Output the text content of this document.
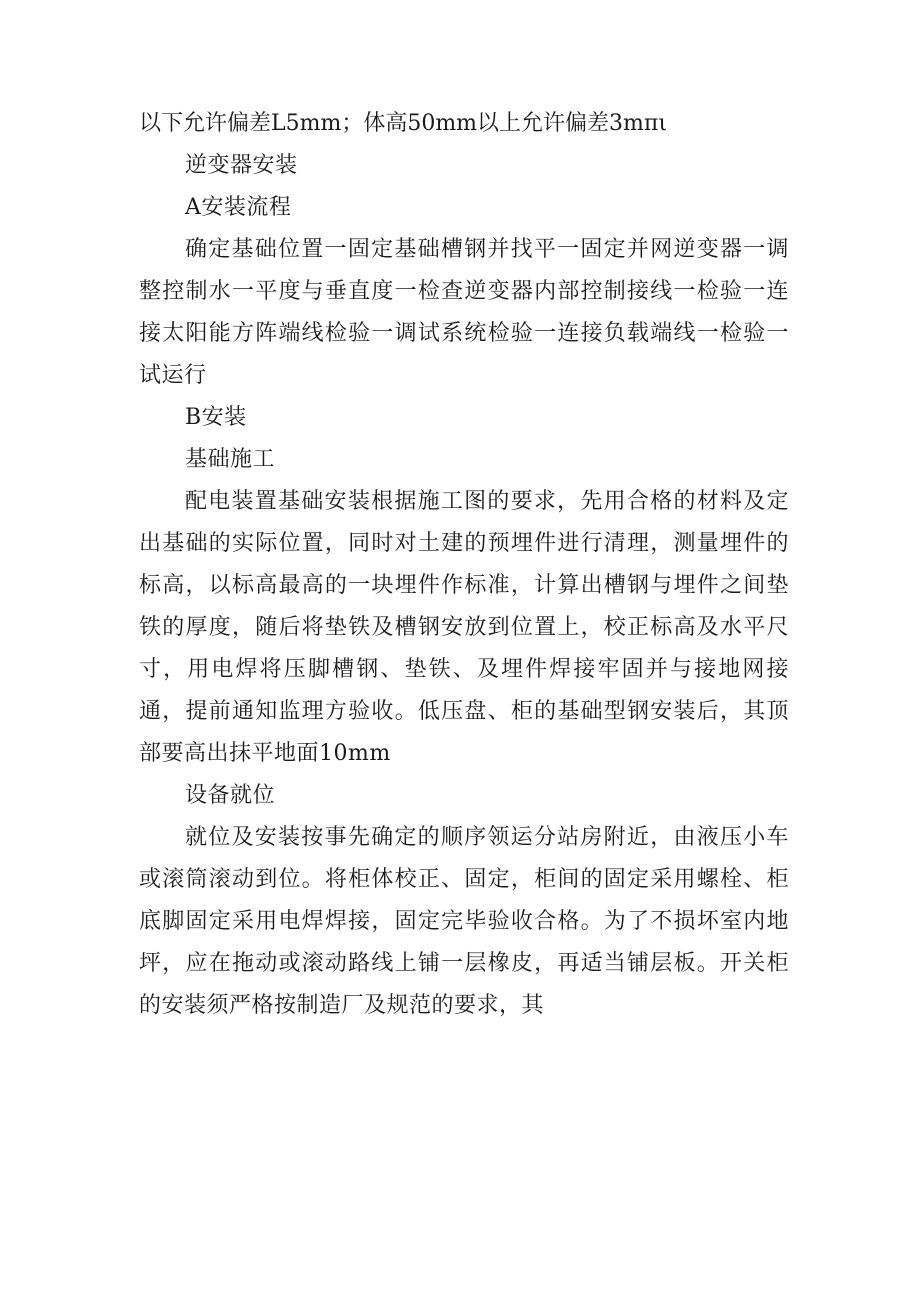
以下允许偏差L5mm；体高50mm以上允许偏差3mπι

逆变器安装

A安装流程

确定基础位置一固定基础槽钢并找平一固定并网逆变器一调整控制水一平度与垂直度一检查逆变器内部控制接线一检验一连接太阳能方阵端线检验一调试系统检验一连接负载端线一检验一试运行

B安装

基础施工

配电装置基础安装根据施工图的要求，先用合格的材料及定出基础的实际位置，同时对土建的预埋件进行清理，测量埋件的标高，以标高最高的一块埋件作标准，计算出槽钢与埋件之间垫铁的厚度，随后将垫铁及槽钢安放到位置上，校正标高及水平尺寸，用电焊将压脚槽钢、垫铁、及埋件焊接牢固并与接地网接通，提前通知监理方验收。低压盘、柜的基础型钢安装后，其顶部要高出抹平地面10mm

设备就位

就位及安装按事先确定的顺序领运分站房附近，由液压小车或滚筒滚动到位。将柜体校正、固定，柜间的固定采用螺栓、柜底脚固定采用电焊焊接，固定完毕验收合格。为了不损坏室内地坪，应在拖动或滚动路线上铺一层橡皮，再适当铺层板。开关柜的安装须严格按制造厂及规范的要求，其
